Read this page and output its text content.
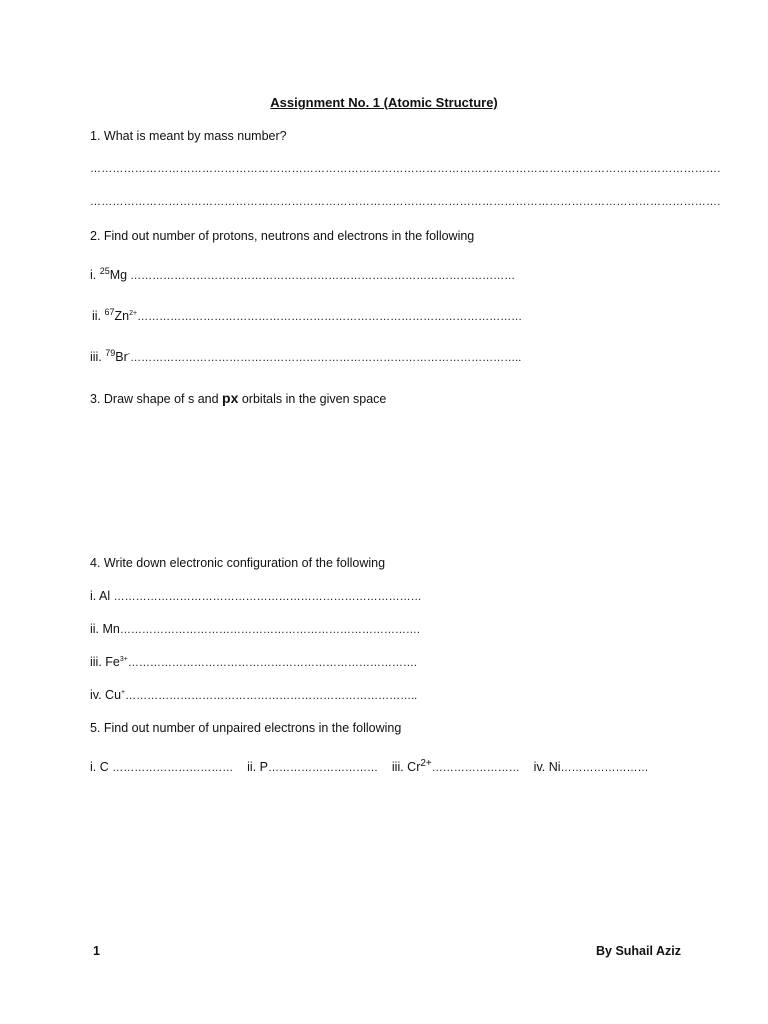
Assignment No. 1 (Atomic Structure)
1. What is meant by mass number?
…………………………………………………………………………………………………………………………………………………….
…………………………………………………………………………………………………………………………………………………….
2. Find out number of protons, neutrons and electrons in the following
i. $^{25}$Mg ……………………………………………………………………………………………
ii. $^{67}Zn^{2+}\dots\dots\dots\dots\dots\dots\dots\dots\dots\dots\dots\dots\dots\dots\dots\dots\dots\dots\dots\dots\dots\dots\dots\dots\dots\dots\dots\dots\dots\dots\dots\dots\dots\dots\dots$
iii. $^{79}$Br-……………………………………………………………………………………………..
3. Draw shape of s and px orbitals in the given space
4. Write down electronic configuration of the following
i. Al …………………………………………………………………………
ii. Mn……………………………………………………………………….
iii. $Fe^{3+}\dots\dots\dots\dots\dots\dots\dots\dots\dots\dots\dots\dots\dots\dots\dots\dots\dots\dots\dots\dots\dots\dots\dots\dots\dots\dots$.
iv. Cu+……………………………………………………………………..
5. Find out number of unpaired electrons in the following
i. C …………………………… ii. P………………………… iii. $Cr^{2+}\dots\dots\dots\dots\dots\dots\dots\dots$ iv. Ni……………………
1	By Suhail Aziz
